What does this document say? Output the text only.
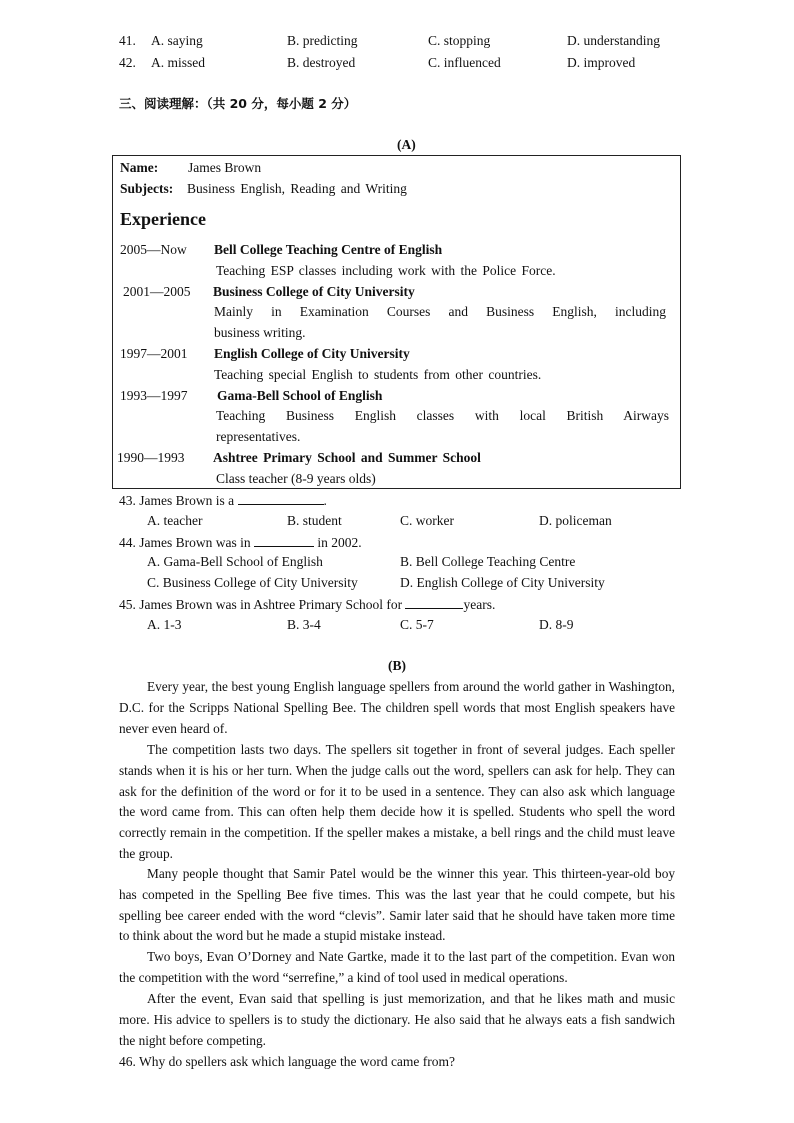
41. A. saying	B. predicting	C. stopping	D. understanding
42. A. missed	B. destroyed	C. influenced	D. improved
三、阅读理解：（共 20 分，每小题 2 分）
(A)
Name: James Brown
Subjects: Business English, Reading and Writing
Experience
2005—Now Bell College Teaching Centre of English
Teaching ESP classes including work with the Police Force.
2001—2005 Business College of City University
Mainly in Examination Courses and Business English, including
business writing.
1997—2001 English College of City University
Teaching special English to students from other countries.
1993—1997 Gama-Bell School of English
Teaching Business English classes with local British Airways
representatives.
1990—1993 Ashtree Primary School and Summer School
Class teacher (8-9 years olds)
43. James Brown is a	.
A. teacher	B. student	C. worker	D. policeman
44. James Brown was in	in 2002.
A. Gama-Bell School of English	B. Bell College Teaching Centre
C. Business College of City University	D. English College of City University
45. James Brown was in Ashtree Primary School for	years.
A. 1-3	B. 3-4	C. 5-7	D. 8-9
(B)

Every year, the best young English language spellers from around the world gather in Washington, D.C. for the Scripps National Spelling Bee. The children spell words that most English speakers have never even heard of.

The competition lasts two days. The spellers sit together in front of several judges. Each speller stands when it is his or her turn. When the judge calls out the word, spellers can ask for help. They can ask for the definition of the word or for it to be used in a sentence. They can also ask which language the word came from. This can often help them decide how it is spelled. Students who spell the word correctly remain in the competition. If the speller makes a mistake, a bell rings and the child must leave the group.

Many people thought that Samir Patel would be the winner this year. This thirteen-year-old boy has competed in the Spelling Bee five times. This was the last year that he could compete, but his spelling bee career ended with the word “clevis”. Samir later said that he should have taken more time to think about the word but he made a stupid mistake instead.

Two boys, Evan O’Dorney and Nate Gartke, made it to the last part of the competition. Evan won the competition with the word “serrefine,” a kind of tool used in medical operations.

After the event, Evan said that spelling is just memorization, and that he likes math and music more. His advice to spellers is to study the dictionary. He also said that he always eats a fish sandwich the night before competing.

46. Why do spellers ask which language the word came from?
